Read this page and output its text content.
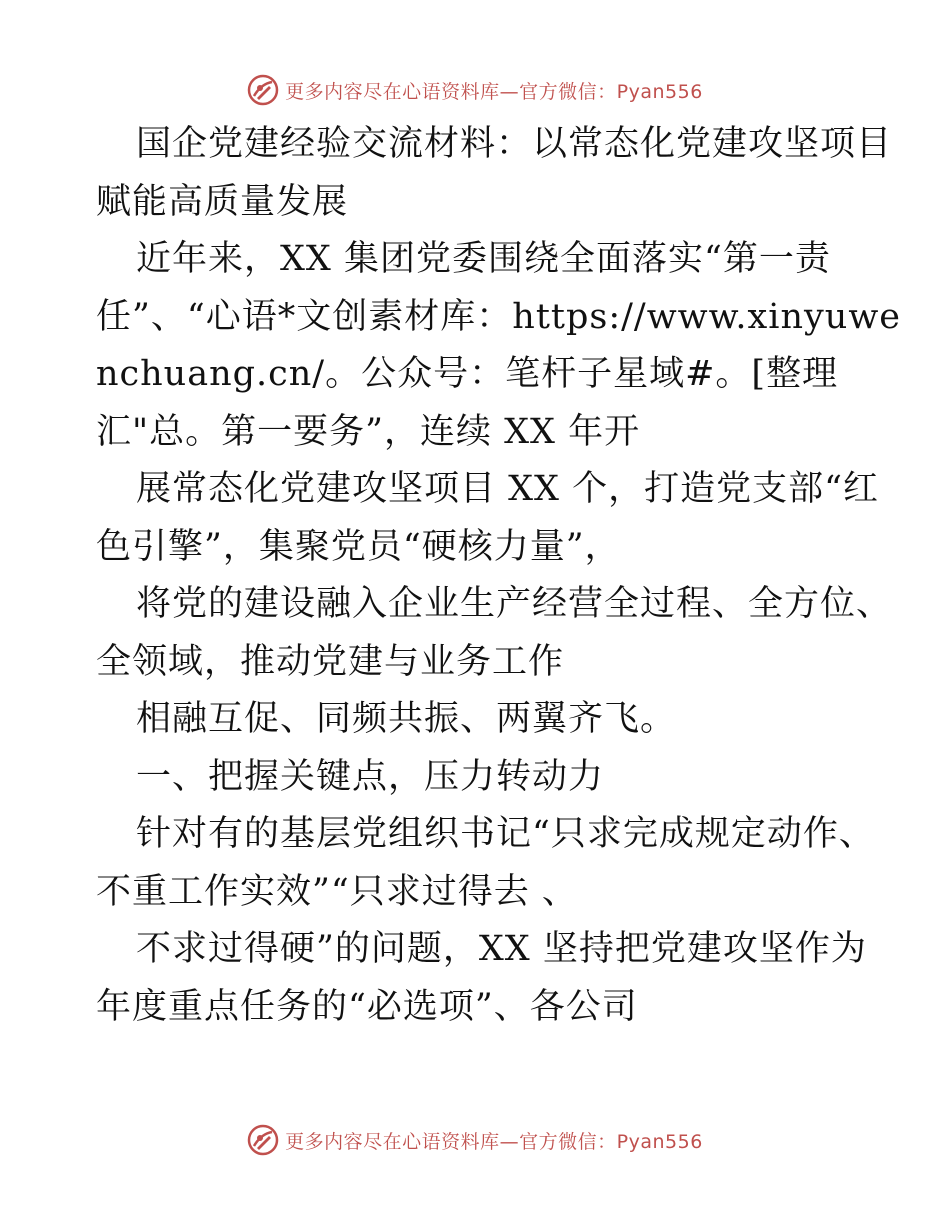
更多内容尽在心语资料库—官方微信：Pyan556
国企党建经验交流材料：以常态化党建攻坚项目
赋能高质量发展
近年来，XX 集团党委围绕全面落实“第一责
任”、“心语*文创素材库：https://www.xinyuwe
nchuang.cn/。公众号：笔杆子星域#。[整理
汇"总。第一要务”，连续 XX 年开
展常态化党建攻坚项目 XX 个，打造党支部“红
色引擎”，集聚党员“硬核力量”，
将党的建设融入企业生产经营全过程、全方位、
全领域，推动党建与业务工作
相融互促、同频共振、两翼齐飞。
一、把握关键点，压力转动力
针对有的基层党组织书记“只求完成规定动作、
不重工作实效”“只求过得去 、
不求过得硬”的问题，XX 坚持把党建攻坚作为
年度重点任务的“必选项”、各公司
更多内容尽在心语资料库—官方微信：Pyan556
